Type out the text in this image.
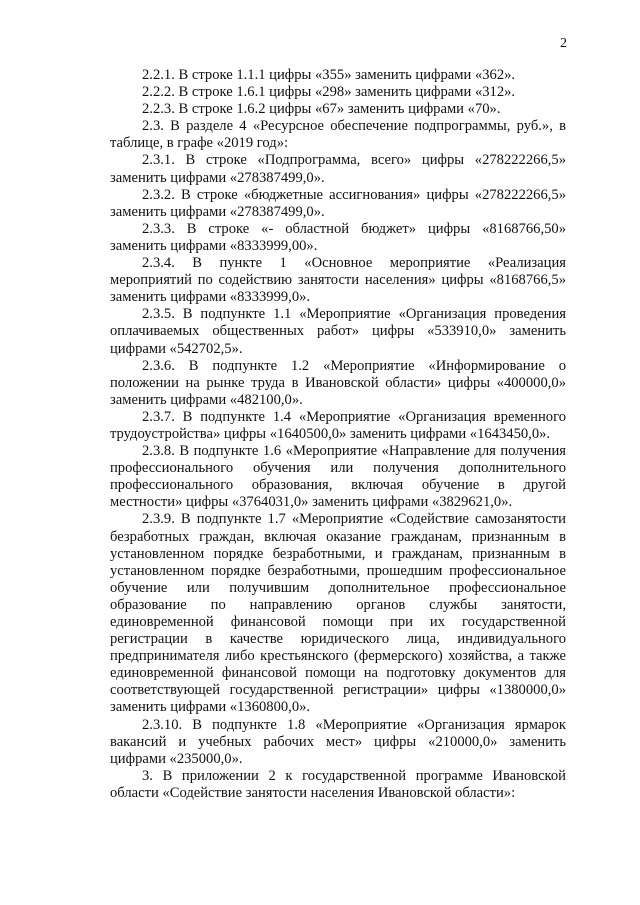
2

2.2.1. В строке 1.1.1 цифры «355» заменить цифрами «362».

2.2.2. В строке 1.6.1 цифры «298» заменить цифрами «312».

2.2.3. В строке 1.6.2 цифры «67» заменить цифрами «70».

2.3. В разделе 4 «Ресурсное обеспечение подпрограммы, руб.», в таблице, в графе «2019 год»:

2.3.1. В строке «Подпрограмма, всего» цифры «278222266,5» заменить цифрами «278387499,0».

2.3.2. В строке «бюджетные ассигнования» цифры «278222266,5» заменить цифрами «278387499,0».

2.3.3. В строке «- областной бюджет» цифры «8168766,50» заменить цифрами «8333999,00».

2.3.4. В пункте 1 «Основное мероприятие «Реализация мероприятий по содействию занятости населения» цифры «8168766,5» заменить цифрами «8333999,0».

2.3.5. В подпункте 1.1 «Мероприятие «Организация проведения оплачиваемых общественных работ» цифры «533910,0» заменить цифрами «542702,5».

2.3.6. В подпункте 1.2 «Мероприятие «Информирование о положении на рынке труда в Ивановской области» цифры «400000,0» заменить цифрами «482100,0».

2.3.7. В подпункте 1.4 «Мероприятие «Организация временного трудоустройства» цифры «1640500,0» заменить цифрами «1643450,0».

2.3.8. В подпункте 1.6 «Мероприятие «Направление для получения профессионального обучения или получения дополнительного профессионального образования, включая обучение в другой местности» цифры «3764031,0» заменить цифрами «3829621,0».

2.3.9. В подпункте 1.7 «Мероприятие «Содействие самозанятости безработных граждан, включая оказание гражданам, признанным в установленном порядке безработными, и гражданам, признанным в установленном порядке безработными, прошедшим профессиональное обучение или получившим дополнительное профессиональное образование по направлению органов службы занятости, единовременной финансовой помощи при их государственной регистрации в качестве юридического лица, индивидуального предпринимателя либо крестьянского (фермерского) хозяйства, а также единовременной финансовой помощи на подготовку документов для соответствующей государственной регистрации» цифры «1380000,0» заменить цифрами «1360800,0».

2.3.10. В подпункте 1.8 «Мероприятие «Организация ярмарок вакансий и учебных рабочих мест» цифры «210000,0» заменить цифрами «235000,0».

3. В приложении 2 к государственной программе Ивановской области «Содействие занятости населения Ивановской области»:
